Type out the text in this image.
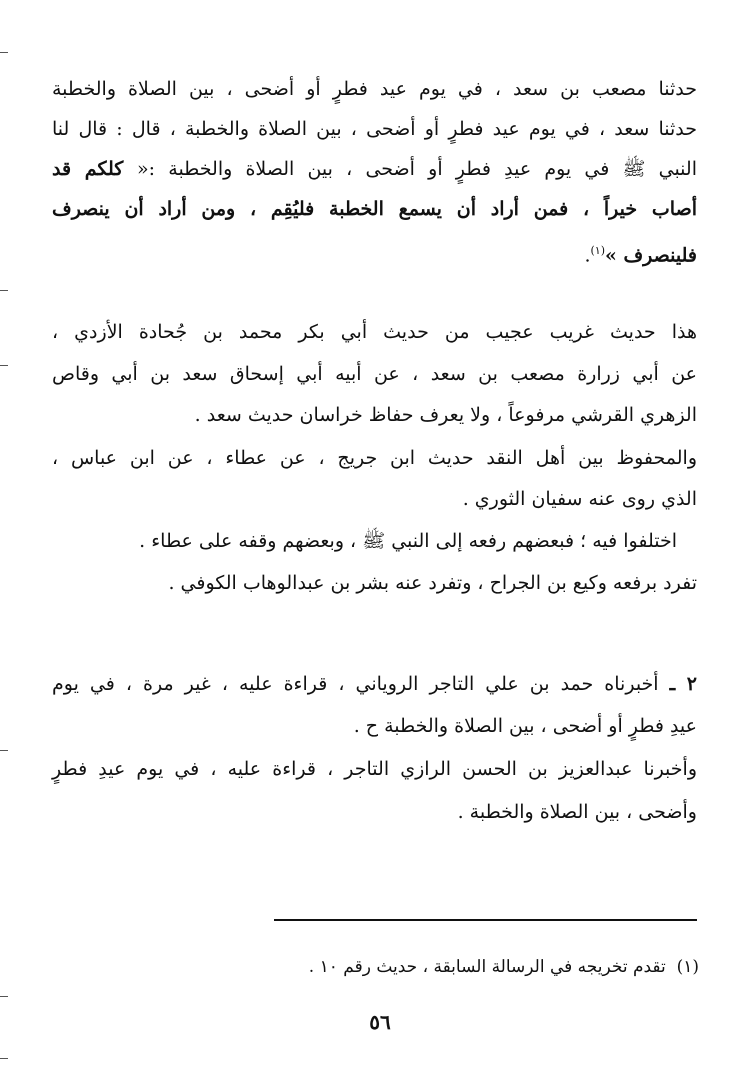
حدثنا مصعب بن سعد ، في يوم عيد فطرٍ أو أضحى ، بين الصلاة والخطبة
حدثنا سعد ، في يوم عيد فطرٍ أو أضحى ، بين الصلاة والخطبة ، قال : قال لنا
النبي ﷺ في يوم عيدِ فطرٍ أو أضحى ، بين الصلاة والخطبة :« كلكم قد
أصاب خيراً ، فمن أراد أن يسمع الخطبة فليُقِم ، ومن أراد أن ينصرف
فلينصرف »$^{(١)}$.
هذا حديث غريب عجيب من حديث أبي بكر محمد بن جُحادة الأزدي ،
عن أبي زرارة مصعب بن سعد ، عن أبيه أبي إسحاق سعد بن أبي وقاص
الزهري القرشي مرفوعاً ، ولا يعرف حفاظ خراسان حديث سعد .
والمحفوظ بين أهل النقد حديث ابن جريج ، عن عطاء ، عن ابن عباس ،
الذي روى عنه سفيان الثوري .
اختلفوا فيه ؛ فبعضهم رفعه إلى النبي ﷺ ، وبعضهم وقفه على عطاء .
تفرد برفعه وكيع بن الجراح ، وتفرد عنه بشر بن عبدالوهاب الكوفي .
٢ ـ أخبرناه حمد بن علي التاجر الروياني ، قراءة عليه ، غير مرة ، في يوم
عيدِ فطرٍ أو أضحى ، بين الصلاة والخطبة ح .
وأخبرنا عبدالعزيز بن الحسن الرازي التاجر ، قراءة عليه ، في يوم عيدِ فطرٍ
وأضحى ، بين الصلاة والخطبة .
(١)  تقدم تخريجه في الرسالة السابقة ، حديث رقم ١٠ .
٥٦
